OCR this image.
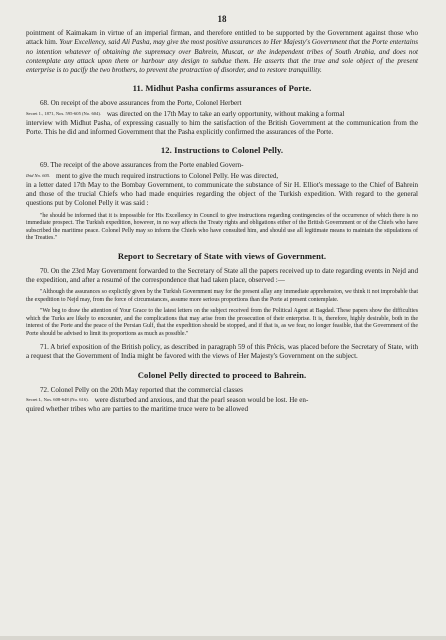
18

pointment of Kaimakam in virtue of an imperial firman, and therefore entitled to be supported by the Government against those who attack him. Your Excellency, said Ali Pasha, may give the most positive assurances to Her Majesty's Government that the Porte entertains no intention whatever of obtaining the supremacy over Bahrein, Muscat, or the independent tribes of South Arabia, and does not contemplate any attack upon them or harbour any design to subdue them. He asserts that the true and sole object of the present enterprise is to pacify the two brothers, to prevent the protraction of disorder, and to restore tranquillity.

11. Midhut Pasha confirms assurances of Porte.

68. On receipt of the above assurances from the Porte, Colonel Herbert

Secret 1., 1871, Nos. 595-605 (No. 604). was directed on the 17th May to take an early opportunity, without making a formal

interview with Midhut Pasha, of expressing casually to him the satisfaction of the British Government at the communication from the Porte. This he did and informed Government that the Pasha explicitly confirmed the assurances of the Porte.

12. Instructions to Colonel Pelly.

69. The receipt of the above assurances from the Porte enabled Govern-

Ibid No. 605. ment to give the much required instructions to Colonel Pelly. He was directed,

in a letter dated 17th May to the Bombay Government, to communicate the substance of Sir H. Elliot's message to the Chief of Bahrein and those of the trucial Chiefs who had made enquiries regarding the object of the Turkish expedition. With regard to the general questions put by Colonel Pelly it was said :

"he should be informed that it is impossible for His Excellency in Council to give instructions regarding contingencies of the occurrence of which there is no immediate prospect. The Turkish expedition, however, in no way affects the Treaty rights and obligations either of the British Government or of the Chiefs who have subscribed the maritime peace. Colonel Pelly may so inform the Chiefs who have consulted him, and should use all legitimate means to maintain the stipulations of the Treaties."

Report to Secretary of State with views of Government.

70. On the 23rd May Government forwarded to the Secretary of State all the papers received up to date regarding events in Nejd and the expedition, and after a resumé of the correspondence that had taken place, observed :—

"Although the assurances so explicitly given by the Turkish Government may for the present allay any immediate apprehension, we think it not improbable that the expedition to Nejd may, from the force of circumstances, assume more serious proportions than the Porte at present contemplate.

"We beg to draw the attention of Your Grace to the latest letters on the subject received from the Political Agent at Bagdad. These papers show the difficulties which the Turks are likely to encounter, and the complications that may arise from the prosecution of their enterprise. It is, therefore, highly desirable, both in the interest of the Porte and the peace of the Persian Gulf, that the expedition should be stopped, and if that is, as we fear, no longer feasible, that the Government of the Porte should be advised to limit its proportions as much as possible."

71. A brief exposition of the British policy, as described in paragraph 59 of this Précis, was placed before the Secretary of State, with a request that the Government of India might be favored with the views of Her Majesty's Government on the subject.

Colonel Pelly directed to proceed to Bahrein.

72. Colonel Pelly on the 20th May reported that the commercial classes

Secret I., Nos. 608-648 (No. 616). were disturbed and anxious, and that the pearl season would be lost. He en-

quired whether tribes who are parties to the maritime truce were to be allowed
